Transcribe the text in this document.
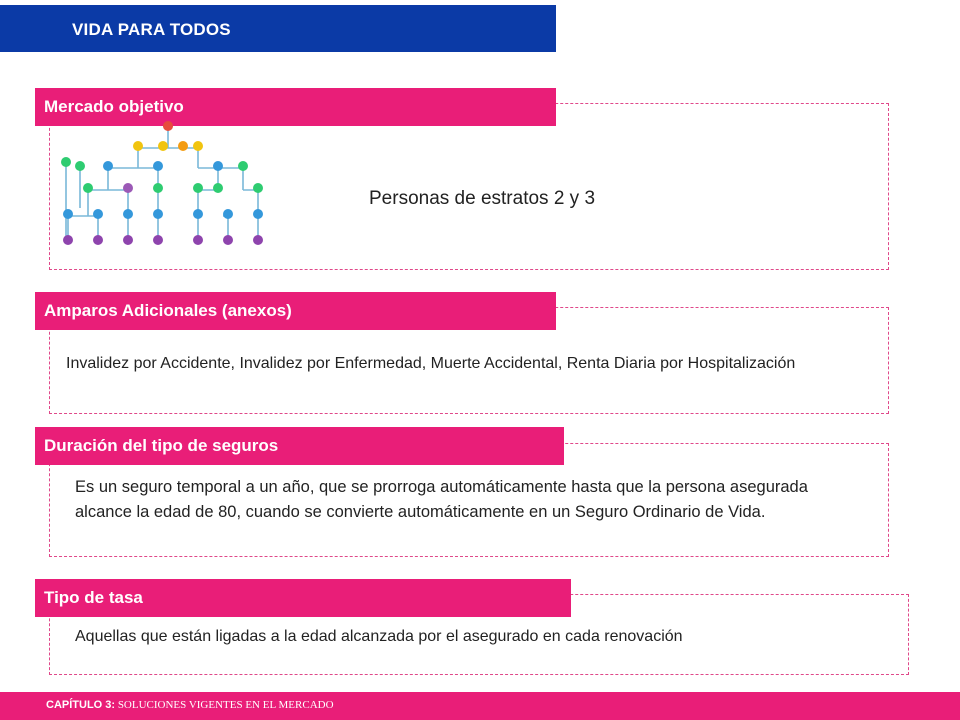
VIDA PARA TODOS
Mercado objetivo
Personas de estratos 2 y 3
Amparos Adicionales (anexos)
Invalidez por Accidente, Invalidez por Enfermedad, Muerte Accidental, Renta Diaria por Hospitalización
Duración del tipo de seguros
Es un seguro temporal a un año, que se prorroga automáticamente hasta que la persona asegurada alcance la edad de 80, cuando se convierte automáticamente en un Seguro Ordinario de Vida.
Tipo de tasa
Aquellas que están ligadas a la edad alcanzada por el asegurado en cada renovación
CAPÍTULO 3: SOLUCIONES VIGENTES EN EL MERCADO
